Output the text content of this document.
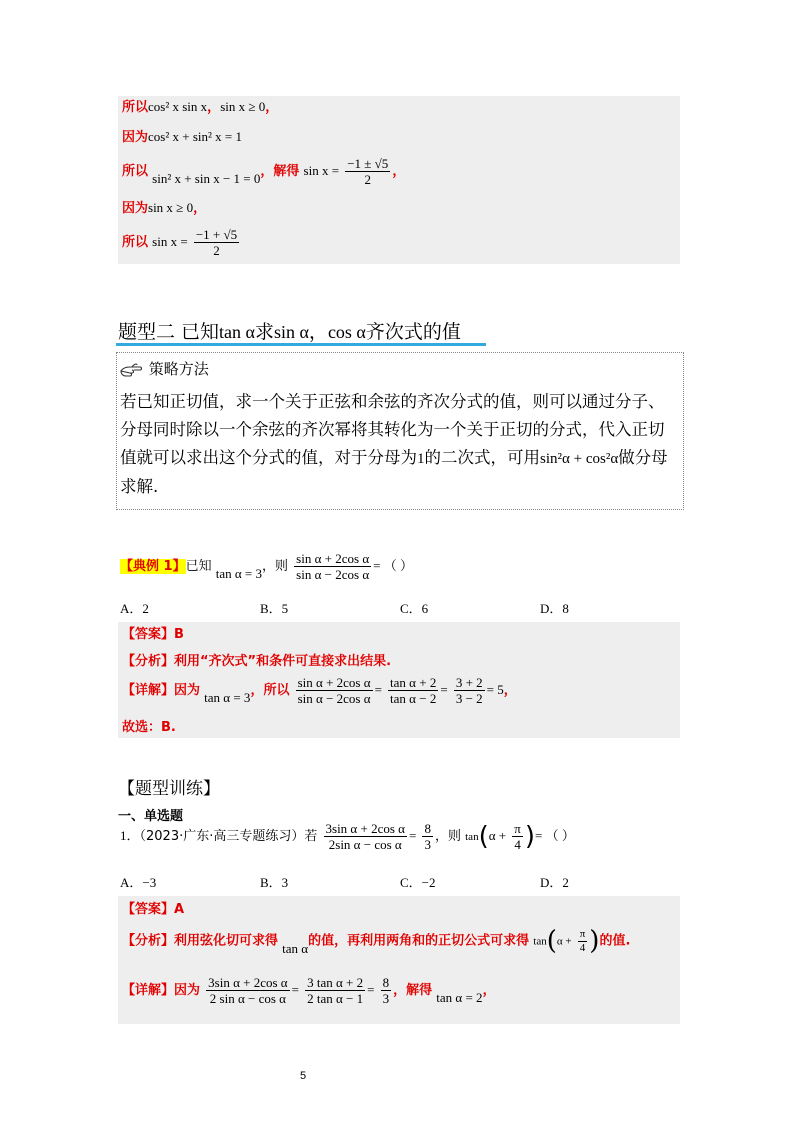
所以cos² x sin x，sin x ≥ 0，
因为cos² x + sin² x = 1
所以 sin² x + sin x − 1 = 0，解得 $\sin x = \frac{-1 \pm √5}{2}$ ，
因为sin x ≥ 0，
所以 $\sin x = \frac{-1 + √5}{2}$
题型二 已知tan α求sin α，cos α齐次式的值
策略方法
若已知正切值，求一个关于正弦和余弦的齐次分式的值，则可以通过分子、分母同时除以一个余弦的齐次幂将其转化为一个关于正切的分式，代入正切值就可以求出这个分式的值，对于分母为1的二次式，可用sin²α + cos²α做分母求解.
【典例 1】已知 tan α = 3，则 $\frac{\text{sin α + 2cos α}}{\text{sin α − 2cos α}}$ = （ ）
A．2	B．5	C．6	D．8
【答案】B
【分析】利用“齐次式”和条件可直接求出结果.
【详解】因为 tan α = 3，所以 $\frac{\text{sin α + 2cos α}}{\text{sin α − 2cos α}} = \frac{\text{tan α + 2}}{\text{tan α − 2}} = \frac{3 + 2}{3 - 2} = 5$，
故选：B.
【题型训练】
一、单选题
1．（2023·广东·高三专题练习）若 $\frac{\text{3sin α + 2cos α}}{\text{2sin α − cos α}} = \frac{8}{3}$ ，则 $\tan(\alpha + \frac{\pi}{4}$ )= （ ）
A．−3	B．3	C．−2	D．2
【答案】A
【分析】利用弦化切可求得 tan α的值，再利用两角和的正切公式可求得 $\tan(\alpha + \frac{\pi}{4}$ )的值.
【详解】因为 $\frac{\text{3sin α + 2cos α}}{\text{2 sin α − cos α}} = \frac{\text{3 tan α + 2}}{\text{2 tan α − 1}} = \frac{8}{3}$ ，解得 tan α = 2，
5
